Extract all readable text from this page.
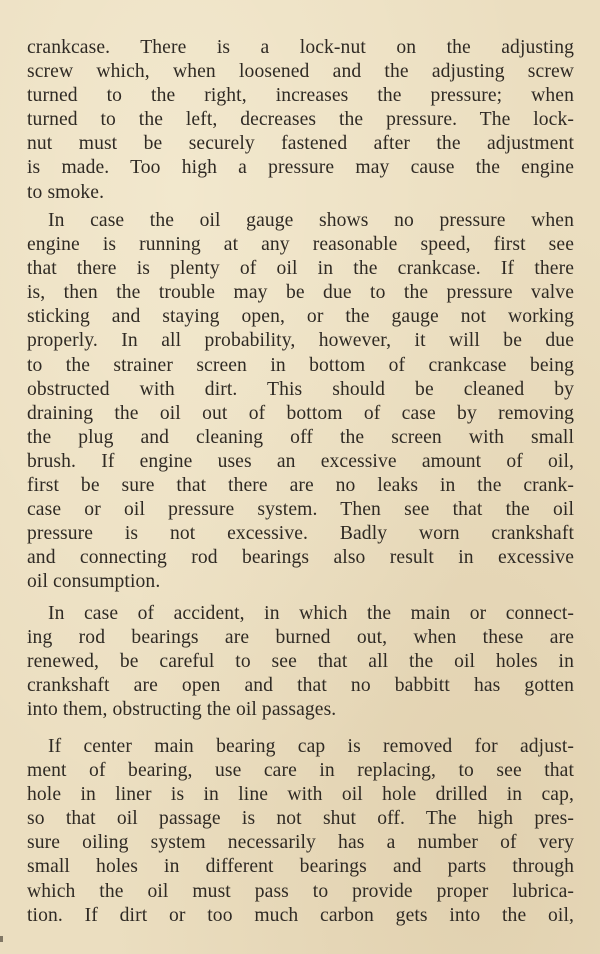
crankcase. There is a lock-nut on the adjusting
screw which, when loosened and the adjusting screw
turned to the right, increases the pressure; when
turned to the left, decreases the pressure. The lock-
nut must be securely fastened after the adjustment
is made. Too high a pressure may cause the engine
to smoke.

In case the oil gauge shows no pressure when
engine is running at any reasonable speed, first see
that there is plenty of oil in the crankcase. If there
is, then the trouble may be due to the pressure valve
sticking and staying open, or the gauge not working
properly. In all probability, however, it will be due
to the strainer screen in bottom of crankcase being
obstructed with dirt. This should be cleaned by
draining the oil out of bottom of case by removing
the plug and cleaning off the screen with small
brush. If engine uses an excessive amount of oil,
first be sure that there are no leaks in the crank-
case or oil pressure system. Then see that the oil
pressure is not excessive. Badly worn crankshaft
and connecting rod bearings also result in excessive
oil consumption.

In case of accident, in which the main or connect-
ing rod bearings are burned out, when these are
renewed, be careful to see that all the oil holes in
crankshaft are open and that no babbitt has gotten
into them, obstructing the oil passages.

If center main bearing cap is removed for adjust-
ment of bearing, use care in replacing, to see that
hole in liner is in line with oil hole drilled in cap,
so that oil passage is not shut off. The high pres-
sure oiling system necessarily has a number of very
small holes in different bearings and parts through
which the oil must pass to provide proper lubrica-
tion. If dirt or too much carbon gets into the oil,
